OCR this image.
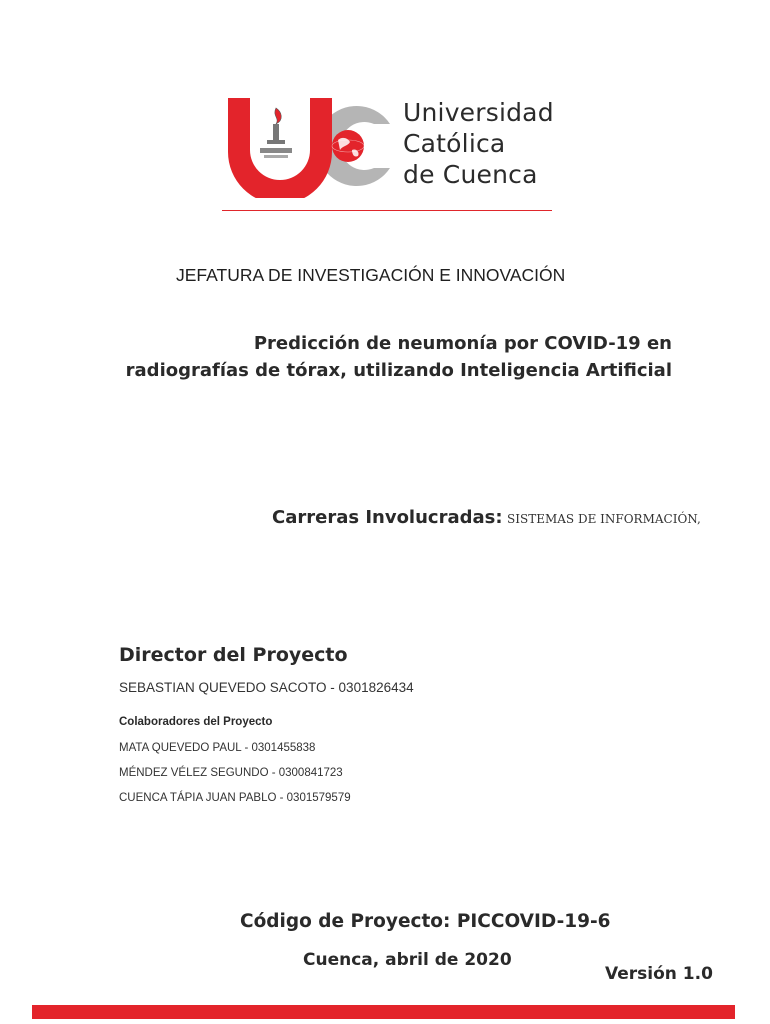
Universidad
Católica
de Cuenca
JEFATURA DE INVESTIGACIÓN E INNOVACIÓN
Predicción de neumonía por COVID-19 en
radiografías de tórax, utilizando Inteligencia Artificial
Carreras Involucradas: SISTEMAS DE INFORMACIÓN,
Director del Proyecto
SEBASTIAN QUEVEDO SACOTO - 0301826434
Colaboradores del Proyecto
MATA QUEVEDO PAUL - 0301455838
MÉNDEZ VÉLEZ SEGUNDO - 0300841723
CUENCA TÁPIA JUAN PABLO - 0301579579
Código de Proyecto: PICCOVID-19-6
Cuenca, abril de 2020
Versión 1.0
